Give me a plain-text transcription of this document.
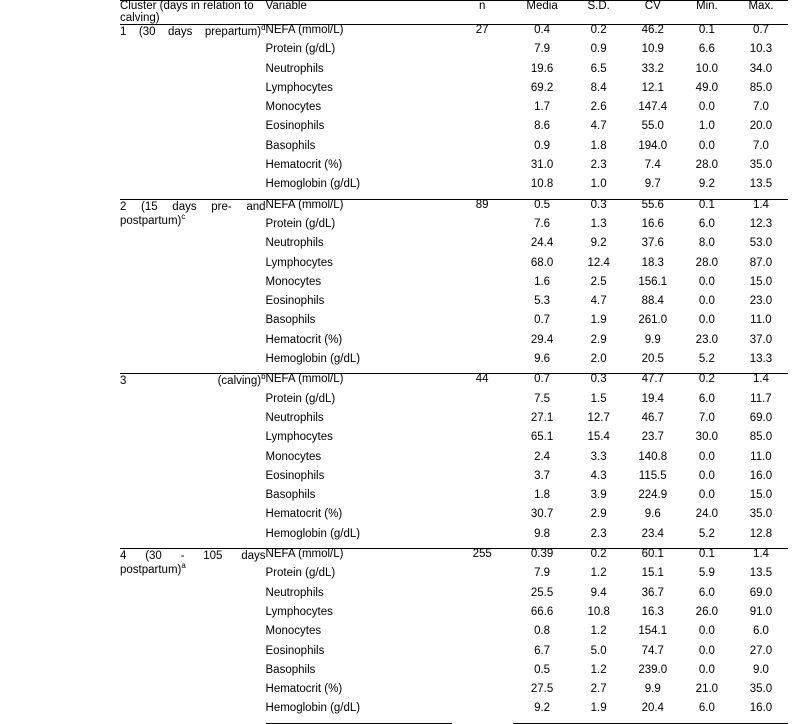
Cluster (days in relation to calving)	Variable	n	Media	S.D.	CV	Min.	Max.

1 (30 days prepartum)$^d$	NEFA (mmol/L)	27	0.4	0.2	46.2	0.1	0.7
	Protein (g/dL)		7.9	0.9	10.9	6.6	10.3
	Neutrophils		19.6	6.5	33.2	10.0	34.0
	Lymphocytes		69.2	8.4	12.1	49.0	85.0
	Monocytes		1.7	2.6	147.4	0.0	7.0
	Eosinophils		8.6	4.7	55.0	1.0	20.0
	Basophils		0.9	1.8	194.0	0.0	7.0
	Hematocrit (%)		31.0	2.3	7.4	28.0	35.0
	Hemoglobin (g/dL)		10.8	1.0	9.7	9.2	13.5

2 (15 days pre- and postpartum)$^c$	NEFA (mmol/L)	89	0.5	0.3	55.6	0.1	1.4
	Protein (g/dL)		7.6	1.3	16.6	6.0	12.3
	Neutrophils		24.4	9.2	37.6	8.0	53.0
	Lymphocytes		68.0	12.4	18.3	28.0	87.0
	Monocytes		1.6	2.5	156.1	0.0	15.0
	Eosinophils		5.3	4.7	88.4	0.0	23.0
	Basophils		0.7	1.9	261.0	0.0	11.0
	Hematocrit (%)		29.4	2.9	9.9	23.0	37.0
	Hemoglobin (g/dL)		9.6	2.0	20.5	5.2	13.3

3 (calving)$^b$	NEFA (mmol/L)	44	0.7	0.3	47.7	0.2	1.4
	Protein (g/dL)		7.5	1.5	19.4	6.0	11.7
	Neutrophils		27.1	12.7	46.7	7.0	69.0
	Lymphocytes		65.1	15.4	23.7	30.0	85.0
	Monocytes		2.4	3.3	140.8	0.0	11.0
	Eosinophils		3.7	4.3	115.5	0.0	16.0
	Basophils		1.8	3.9	224.9	0.0	15.0
	Hematocrit (%)		30.7	2.9	9.6	24.0	35.0
	Hemoglobin (g/dL)		9.8	2.3	23.4	5.2	12.8

4 (30 - 105 days postpartum)$^a$	NEFA (mmol/L)	255	0.39	0.2	60.1	0.1	1.4
	Protein (g/dL)		7.9	1.2	15.1	5.9	13.5
	Neutrophils		25.5	9.4	36.7	6.0	69.0
	Lymphocytes		66.6	10.8	16.3	26.0	91.0
	Monocytes		0.8	1.2	154.1	0.0	6.0
	Eosinophils		6.7	5.0	74.7	0.0	27.0
	Basophils		0.5	1.2	239.0	0.0	9.0
	Hematocrit (%)		27.5	2.7	9.9	21.0	35.0
	Hemoglobin (g/dL)		9.2	1.9	20.4	6.0	16.0
